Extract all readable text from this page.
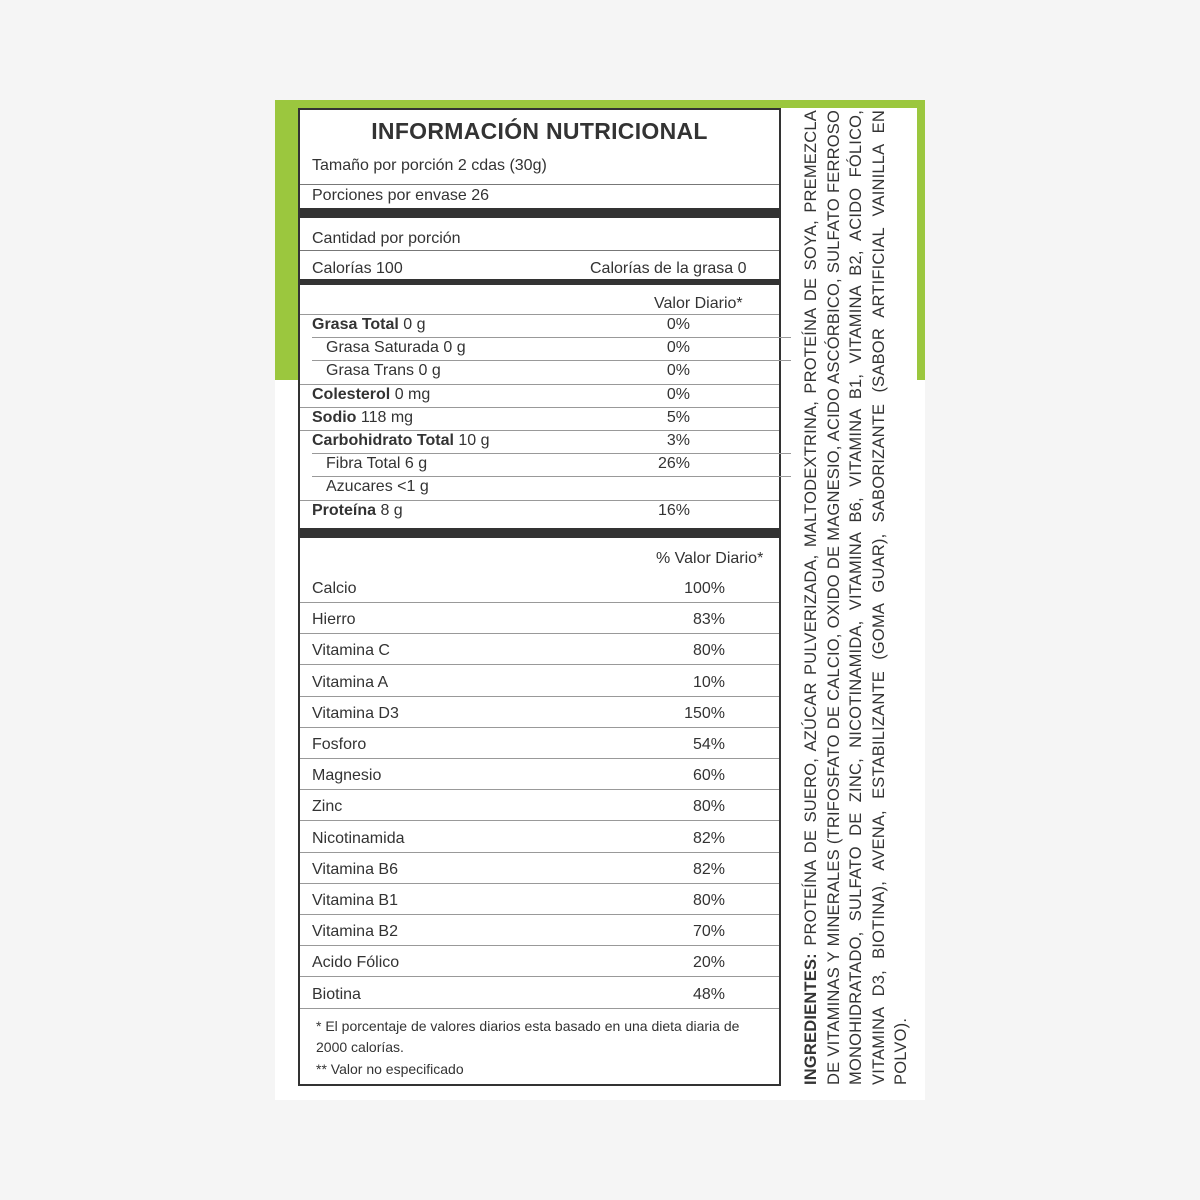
INFORMACIÓN NUTRICIONAL
Tamaño por porción 2 cdas (30g)
Porciones por envase 26
Cantidad por porción
Calorías 100	Calorías de la grasa 0
Valor Diario*
Grasa Total 0 g	0%
Grasa Saturada 0 g	0%
Grasa Trans 0 g	0%
Colesterol 0 mg	0%
Sodio 118 mg	5%
Carbohidrato Total 10 g	3%
Fibra Total 6 g	26%
Azucares <1 g
Proteína 8 g	16%
% Valor Diario*
Calcio	100%
Hierro	83%
Vitamina C	80%
Vitamina A	10%
Vitamina D3	150%
Fosforo	54%
Magnesio	60%
Zinc	80%
Nicotinamida	82%
Vitamina B6	82%
Vitamina B1	80%
Vitamina B2	70%
Acido Fólico	20%
Biotina	48%
* El porcentaje de valores diarios esta basado en una dieta diaria de 2000 calorías.
** Valor no especificado	INGREDIENTES: PROTEÍNA DE SUERO, AZÚCAR PULVERIZADA, MALTODEXTRINA, PROTEÍNA DE SOYA, PREMEZCLA DE VITAMINAS Y MINERALES (TRIFOSFATO DE CALCIO, OXIDO DE MAGNESIO, ACIDO ASCÓRBICO, SULFATO FERROSO MONOHIDRATADO, SULFATO DE ZINC, NICOTINAMIDA, VITAMINA B6, VITAMINA B1, VITAMINA B2, ACIDO FÓLICO, VITAMINA D3, BIOTINA), AVENA, ESTABILIZANTE (GOMA GUAR), SABORIZANTE (SABOR ARTIFICIAL VAINILLA EN POLVO).
